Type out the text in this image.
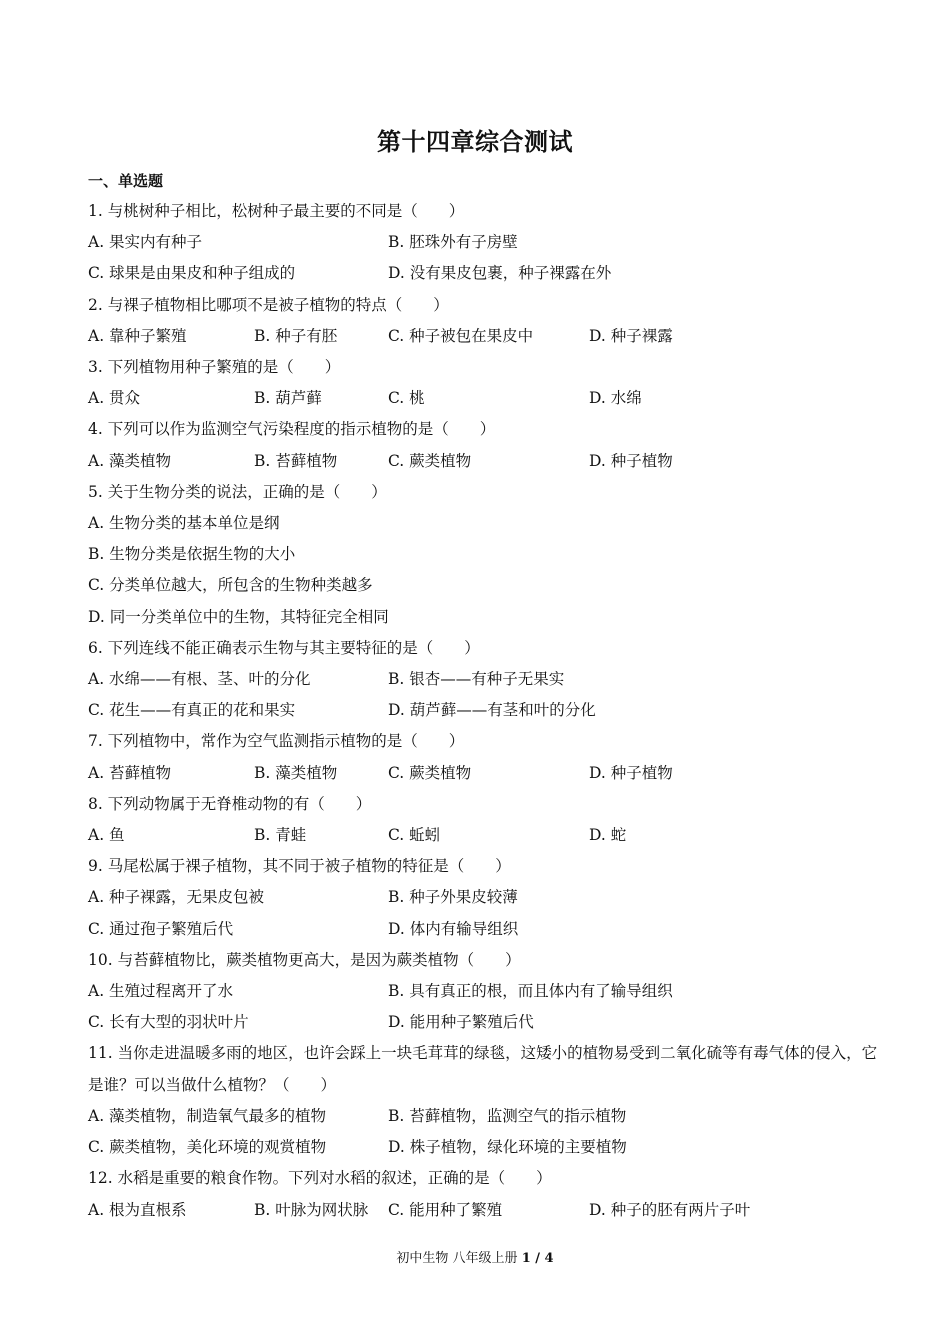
第十四章综合测试
一、单选题
1. 与桃树种子相比，松树种子最主要的不同是（　　）
A. 果实内有种子	B. 胚珠外有子房壁
C. 球果是由果皮和种子组成的	D. 没有果皮包裹，种子裸露在外
2. 与裸子植物相比哪项不是被子植物的特点（　　）
A. 靠种子繁殖	B. 种子有胚	C. 种子被包在果皮中	D. 种子裸露
3. 下列植物用种子繁殖的是（　　）
A. 贯众	B. 葫芦藓	C. 桃	D. 水绵
4. 下列可以作为监测空气污染程度的指示植物的是（　　）
A. 藻类植物	B. 苔藓植物	C. 蕨类植物	D. 种子植物
5. 关于生物分类的说法，正确的是（　　）
A. 生物分类的基本单位是纲
B. 生物分类是依据生物的大小
C. 分类单位越大，所包含的生物种类越多
D. 同一分类单位中的生物，其特征完全相同
6. 下列连线不能正确表示生物与其主要特征的是（　　）
A. 水绵——有根、茎、叶的分化	B. 银杏——有种子无果实
C. 花生——有真正的花和果实	D. 葫芦藓——有茎和叶的分化
7. 下列植物中，常作为空气监测指示植物的是（　　）
A. 苔藓植物	B. 藻类植物	C. 蕨类植物	D. 种子植物
8. 下列动物属于无脊椎动物的有（　　）
A. 鱼	B. 青蛙	C. 蚯蚓	D. 蛇
9. 马尾松属于裸子植物，其不同于被子植物的特征是（　　）
A. 种子裸露，无果皮包被	B. 种子外果皮较薄
C. 通过孢子繁殖后代	D. 体内有输导组织
10. 与苔藓植物比，蕨类植物更高大，是因为蕨类植物（　　）
A. 生殖过程离开了水	B. 具有真正的根，而且体内有了输导组织
C. 长有大型的羽状叶片	D. 能用种子繁殖后代
11. 当你走进温暖多雨的地区，也许会踩上一块毛茸茸的绿毯，这矮小的植物易受到二氧化硫等有毒气体的侵入，它是谁？可以当做什么植物？（　　）
A. 藻类植物，制造氧气最多的植物	B. 苔藓植物，监测空气的指示植物
C. 蕨类植物，美化环境的观赏植物	D. 株子植物，绿化环境的主要植物
12. 水稻是重要的粮食作物。下列对水稻的叙述，正确的是（　　）
A. 根为直根系	B. 叶脉为网状脉	C. 能用种了繁殖	D. 种子的胚有两片子叶
初中生物 八年级上册 1 / 4
